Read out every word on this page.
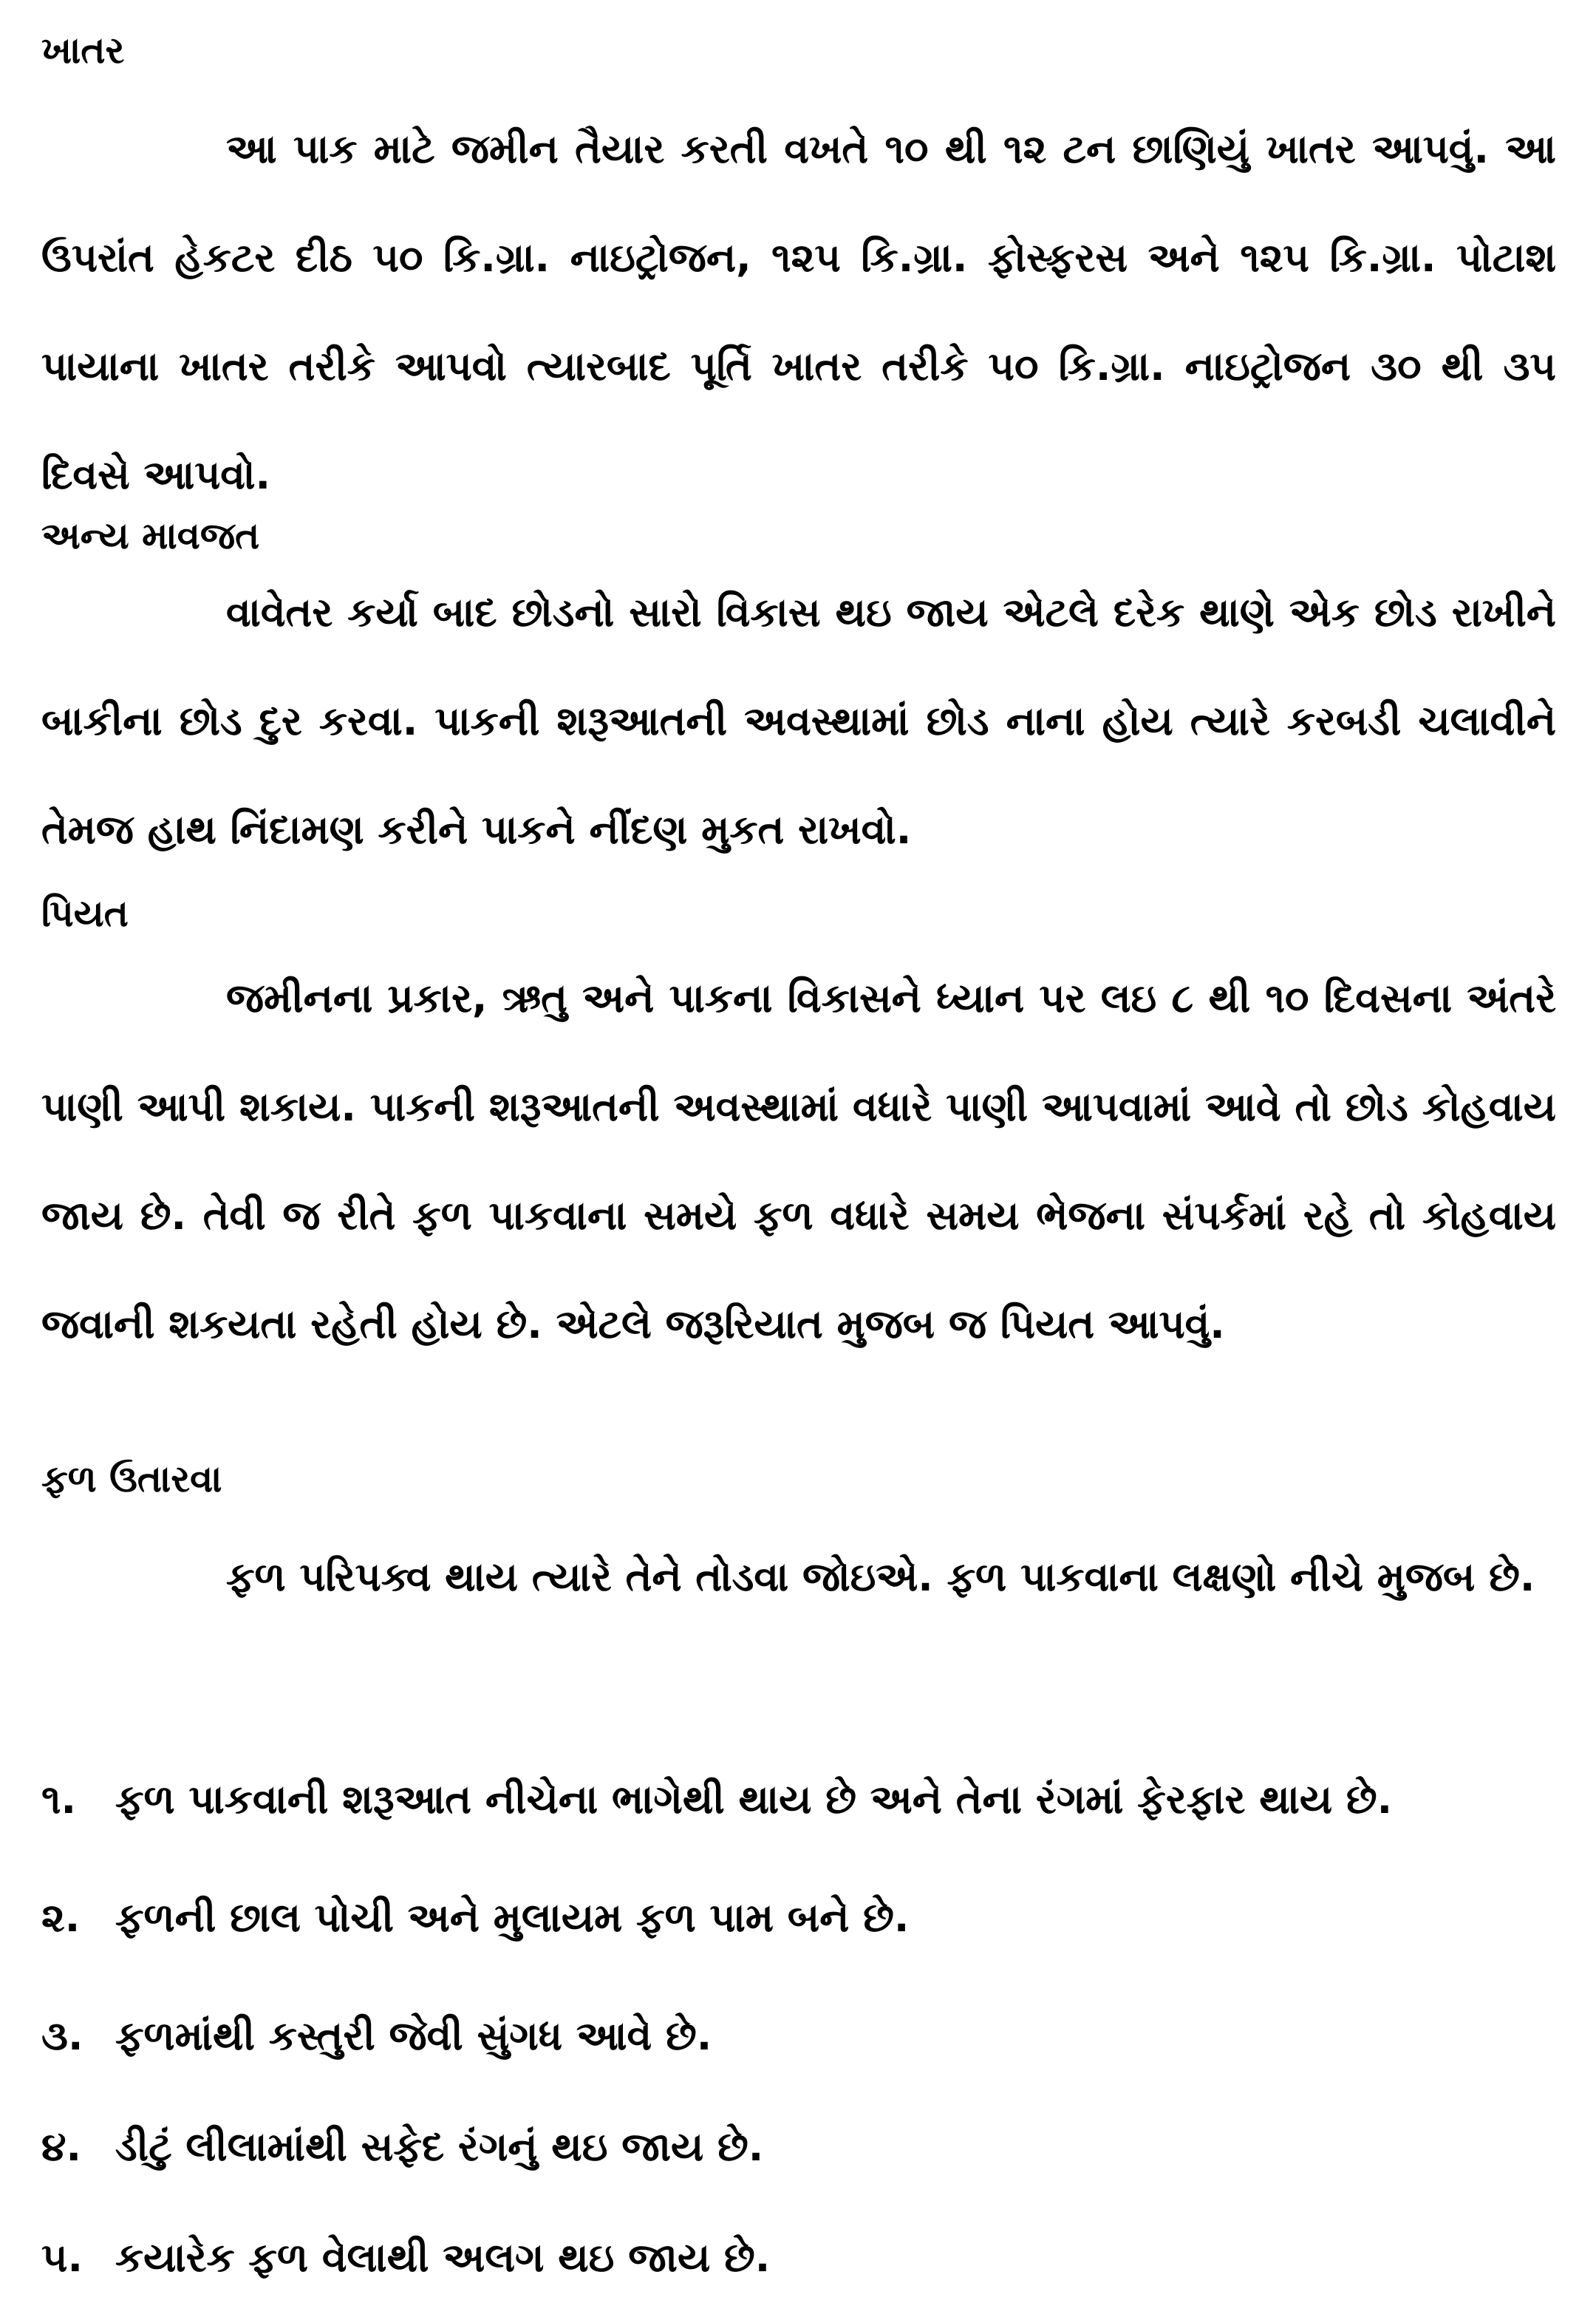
ખાતર

આ પાક માટે જમીન તૈયાર કરતી વખતે ૧૦ થી ૧૨ ટન છાણિયું ખાતર આપવું. આ ઉપરાંત હેકટર દીઠ ૫૦ કિ.ગ્રા. નાઇટ્રોજન, ૧૨૫ કિ.ગ્રા. ફોસ્ફરસ અને ૧૨૫ કિ.ગ્રા. પોટાશ પાયાના ખાતર તરીકે આપવો ત્યારબાદ પૂર્તિ ખાતર તરીકે ૫૦ કિ.ગ્રા. નાઇટ્રોજન ૩૦ થી ૩૫ દિવસે આપવો.

અન્ય માવજત

વાવેતર કર્યા બાદ છોડનો સારો વિકાસ થઇ જાય એટલે દરેક થાણે એક છોડ રાખીને બાકીના છોડ દુર કરવા. પાકની શરૂઆતની અવસ્થામાં છોડ નાના હોય ત્યારે કરબડી ચલાવીને તેમજ હાથ નિંદામણ કરીને પાકને નીંદણ મુકત રાખવો.

પિયત

જમીનના પ્રકાર, ઋતુ અને પાકના વિકાસને ધ્યાન પર લઇ ૮ થી ૧૦ દિવસના અંતરે પાણી આપી શકાય. પાકની શરૂઆતની અવસ્થામાં વધારે પાણી આપવામાં આવે તો છોડ કોહવાય જાય છે. તેવી જ રીતે ફળ પાકવાના સમયે ફળ વધારે સમય ભેજના સંપર્કમાં રહે તો કોહવાય જવાની શકયતા રહેતી હોય છે. એટલે જરૂરિયાત મુજબ જ પિયત આપવું.

ફળ ઉતારવા

ફળ પરિપક્વ થાય ત્યારે તેને તોડવા જોઇએ. ફળ પાકવાના લક્ષણો નીચે મુજબ છે.

૧. ફળ પાકવાની શરૂઆત નીચેના ભાગેથી થાય છે અને તેના રંગમાં ફેરફાર થાય છે.
૨. ફળની છાલ પોચી અને મુલાયમ ફળ પામ બને છે.
૩. ફળમાંથી કસ્તુરી જેવી સુંગધ આવે છે.
૪. ડીટું લીલામાંથી સફેદ રંગનું થઇ જાય છે.
૫. કયારેક ફળ વેલાથી અલગ થઇ જાય છે.
